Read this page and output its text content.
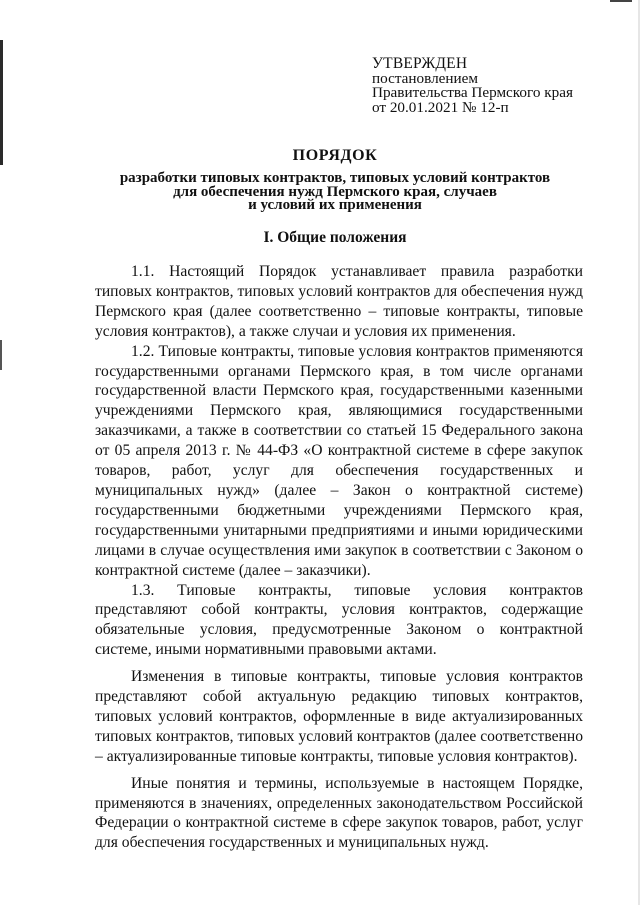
УТВЕРЖДЕН
постановлением
Правительства Пермского края
от 20.01.2021 № 12-п
ПОРЯДОК
разработки типовых контрактов, типовых условий контрактов
для обеспечения нужд Пермского края, случаев
и условий их применения
I. Общие положения

1.1. Настоящий Порядок устанавливает правила разработки типовых контрактов, типовых условий контрактов для обеспечения нужд Пермского края (далее соответственно – типовые контракты, типовые условия контрактов), а также случаи и условия их применения.

1.2. Типовые контракты, типовые условия контрактов применяются государственными органами Пермского края, в том числе органами государственной власти Пермского края, государственными казенными учреждениями Пермского края, являющимися государственными заказчиками, а также в соответствии со статьей 15 Федерального закона от 05 апреля 2013 г. № 44-ФЗ «О контрактной системе в сфере закупок товаров, работ, услуг для обеспечения государственных и муниципальных нужд» (далее – Закон о контрактной системе) государственными бюджетными учреждениями Пермского края, государственными унитарными предприятиями и иными юридическими лицами в случае осуществления ими закупок в соответствии с Законом о контрактной системе (далее – заказчики).

1.3. Типовые контракты, типовые условия контрактов представляют собой контракты, условия контрактов, содержащие обязательные условия, предусмотренные Законом о контрактной системе, иными нормативными правовыми актами.

Изменения в типовые контракты, типовые условия контрактов представляют собой актуальную редакцию типовых контрактов, типовых условий контрактов, оформленные в виде актуализированных типовых контрактов, типовых условий контрактов (далее соответственно – актуализированные типовые контракты, типовые условия контрактов).

Иные понятия и термины, используемые в настоящем Порядке, применяются в значениях, определенных законодательством Российской Федерации о контрактной системе в сфере закупок товаров, работ, услуг для обеспечения государственных и муниципальных нужд.
